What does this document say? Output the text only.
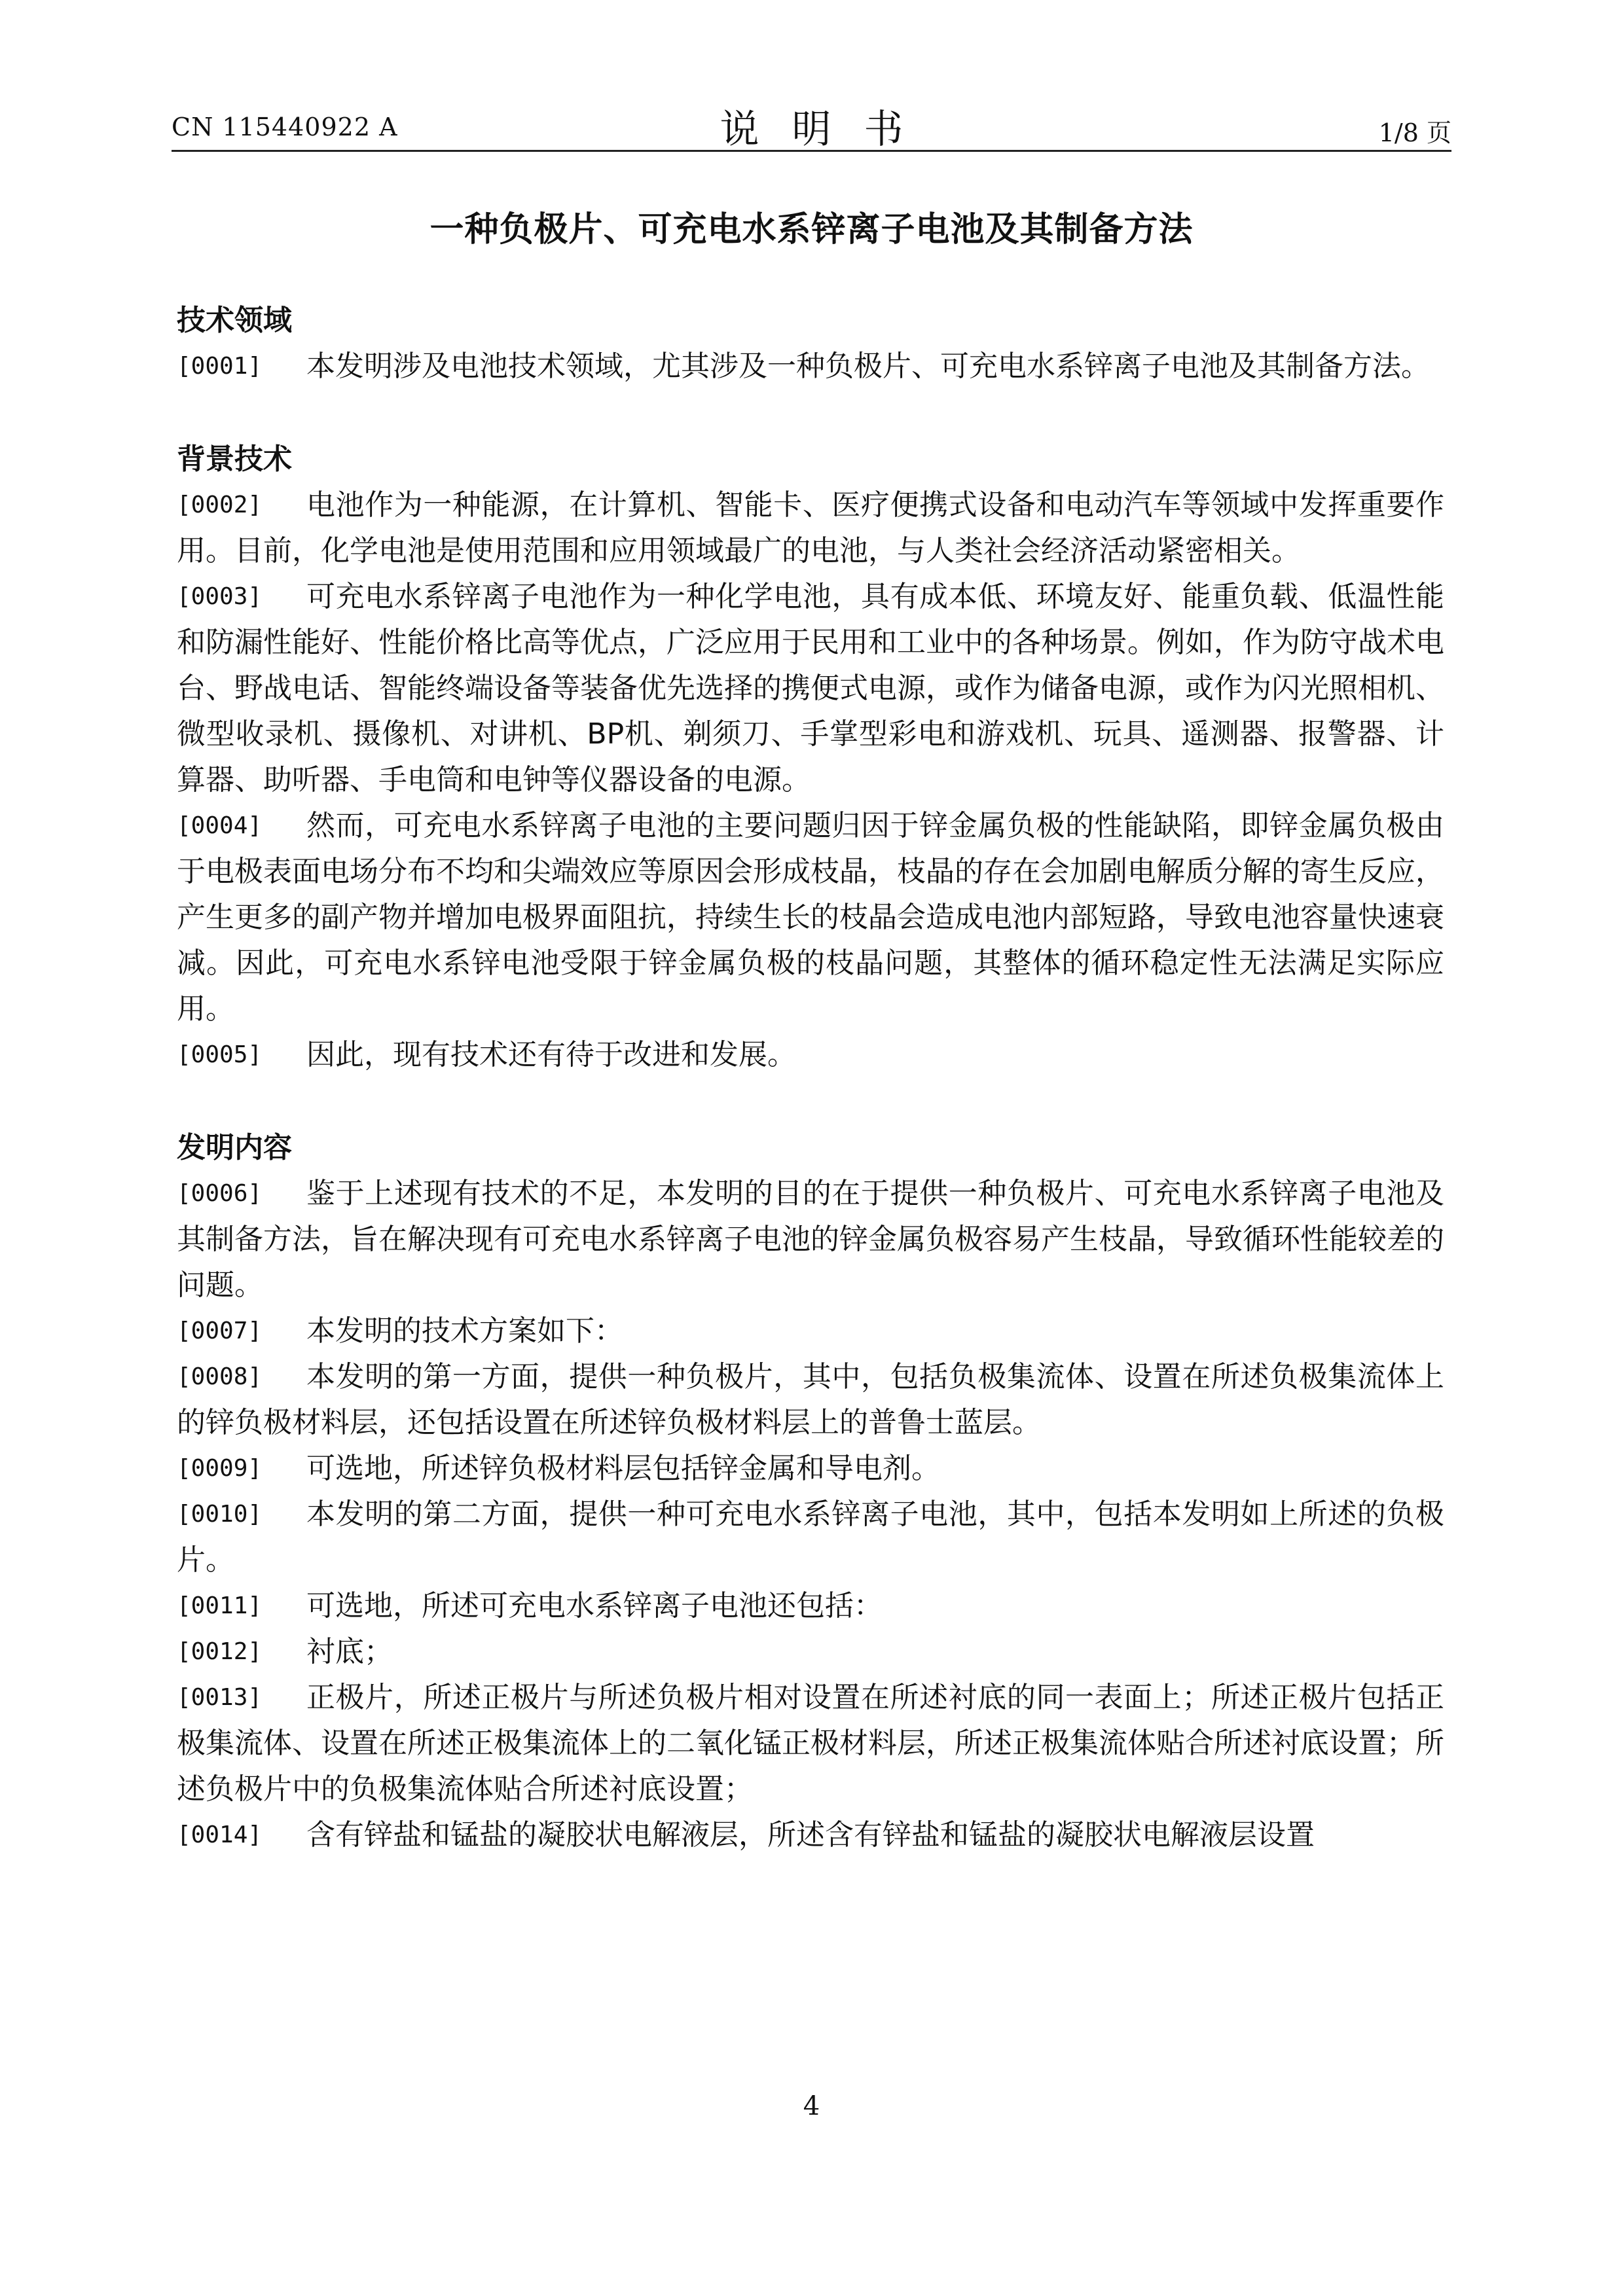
CN 115440922 A	说明书	1/8 页
一种负极片、可充电水系锌离子电池及其制备方法
技术领域
[0001]	本发明涉及电池技术领域，尤其涉及一种负极片、可充电水系锌离子电池及其制备方法。
背景技术
[0002]	电池作为一种能源，在计算机、智能卡、医疗便携式设备和电动汽车等领域中发挥重要作用。目前，化学电池是使用范围和应用领域最广的电池，与人类社会经济活动紧密相关。
[0003]	可充电水系锌离子电池作为一种化学电池，具有成本低、环境友好、能重负载、低温性能和防漏性能好、性能价格比高等优点，广泛应用于民用和工业中的各种场景。例如，作为防守战术电台、野战电话、智能终端设备等装备优先选择的携便式电源，或作为储备电源，或作为闪光照相机、微型收录机、摄像机、对讲机、BP机、剃须刀、手掌型彩电和游戏机、玩具、遥测器、报警器、计算器、助听器、手电筒和电钟等仪器设备的电源。
[0004]	然而，可充电水系锌离子电池的主要问题归因于锌金属负极的性能缺陷，即锌金属负极由于电极表面电场分布不均和尖端效应等原因会形成枝晶，枝晶的存在会加剧电解质分解的寄生反应，产生更多的副产物并增加电极界面阻抗，持续生长的枝晶会造成电池内部短路，导致电池容量快速衰减。因此，可充电水系锌电池受限于锌金属负极的枝晶问题，其整体的循环稳定性无法满足实际应用。
[0005]	因此，现有技术还有待于改进和发展。
发明内容
[0006]	鉴于上述现有技术的不足，本发明的目的在于提供一种负极片、可充电水系锌离子电池及其制备方法，旨在解决现有可充电水系锌离子电池的锌金属负极容易产生枝晶，导致循环性能较差的问题。
[0007]	本发明的技术方案如下：
[0008]	本发明的第一方面，提供一种负极片，其中，包括负极集流体、设置在所述负极集流体上的锌负极材料层，还包括设置在所述锌负极材料层上的普鲁士蓝层。
[0009]	可选地，所述锌负极材料层包括锌金属和导电剂。
[0010]	本发明的第二方面，提供一种可充电水系锌离子电池，其中，包括本发明如上所述的负极片。
[0011]	可选地，所述可充电水系锌离子电池还包括：
[0012]	衬底；
[0013]	正极片，所述正极片与所述负极片相对设置在所述衬底的同一表面上；所述正极片包括正极集流体、设置在所述正极集流体上的二氧化锰正极材料层，所述正极集流体贴合所述衬底设置；所述负极片中的负极集流体贴合所述衬底设置；
[0014]	含有锌盐和锰盐的凝胶状电解液层，所述含有锌盐和锰盐的凝胶状电解液层设置
4
